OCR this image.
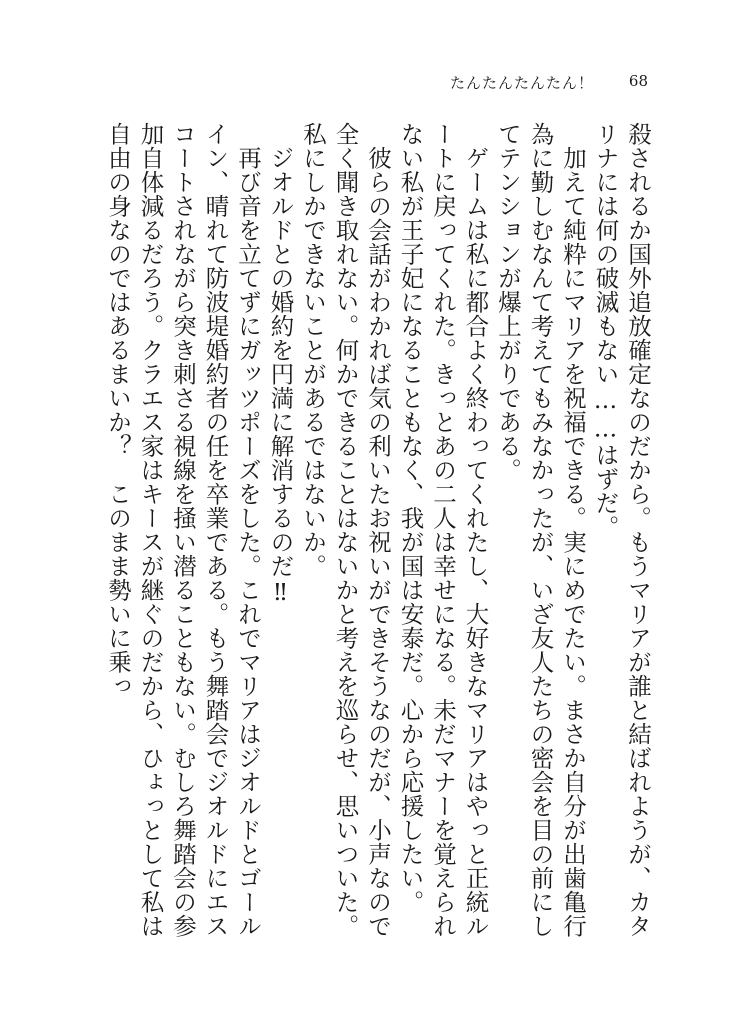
たんたんたんたん！ 68

殺されるか国外追放確定なのだから。もうマリアが誰と結ばれようが、カタリナには何の破滅もない……はずだ。

　加えて純粋にマリアを祝福できる。実にめでたい。まさか自分が出歯亀行為に勤しむなんて考えてもみなかったが、いざ友人たちの密会を目の前にしてテンションが爆上がりである。

　ゲームは私に都合よく終わってくれたし、大好きなマリアはやっと正統ルートに戻ってくれた。きっとあの二人は幸せになる。未だマナーを覚えられない私が王子妃になることもなく、我が国は安泰だ。心から応援したい。

　彼らの会話がわかれば気の利いたお祝いができそうなのだが、小声なので全く聞き取れない。何かできることはないかと考えを巡らせ、思いついた。私にしかできないことがあるではないか。

　ジオルドとの婚約を円満に解消するのだ‼

　再び音を立てずにガッツポーズをした。これでマリアはジオルドとゴールイン、晴れて防波堤婚約者の任を卒業である。もう舞踏会でジオルドにエスコートされながら突き刺さる視線を掻い潜ることもない。むしろ舞踏会の参加自体減るだろう。クラエス家はキースが継ぐのだから、ひょっとして私は自由の身なのではあるまいか？　このまま勢いに乗っ
